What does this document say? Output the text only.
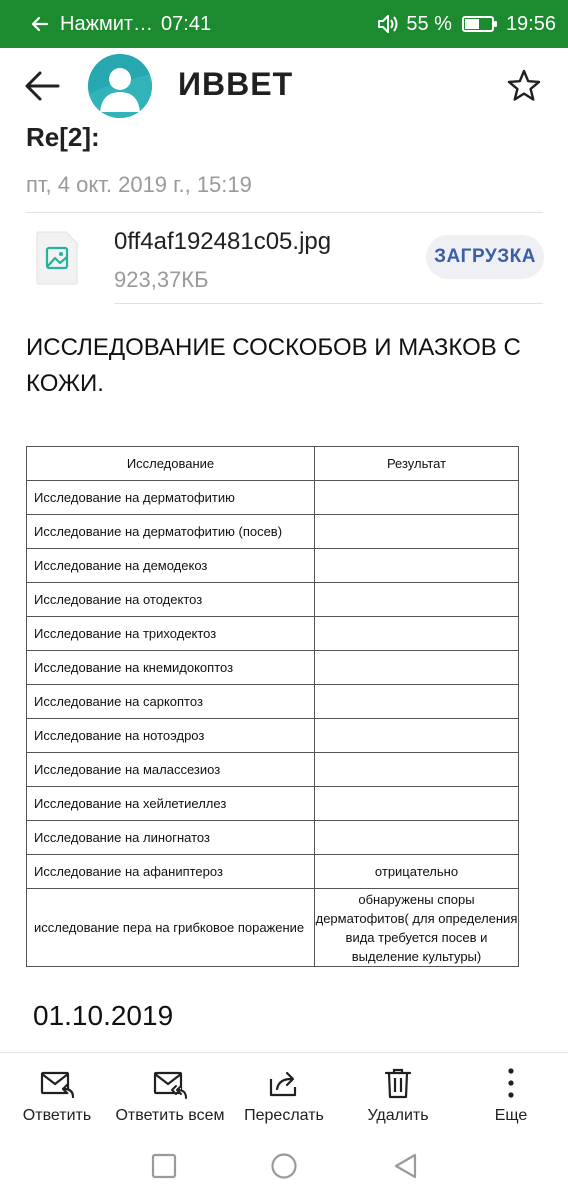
Нажмит… 07:41	55 %	19:56
ИВВЕТ
Re[2]:
пт, 4 окт. 2019 г., 15:19
0ff4af192481c05.jpg
923,37КБ
ЗАГРУЗКА
ИССЛЕДОВАНИЕ СОСКОБОВ И МАЗКОВ С КОЖИ.
Исследование	Результат
Исследование на дерматофитию	
Исследование на дерматофитию (посев)	
Исследование на демодекоз	
Исследование на отодектоз	
Исследование на триходектоз	
Исследование на кнемидокоптоз	
Исследование на саркоптоз	
Исследование на нотоэдроз	
Исследование на малассезиоз	
Исследование на хейлетиеллез	
Исследование на линогнатоз	
Исследование на афаниптероз	отрицательно
исследование пера на грибковое поражение	обнаружены споры дерматофитов( для определения вида требуется посев и выделение культуры)
01.10.2019
Ответить Ответить всем Переслать	Удалить	Еще
